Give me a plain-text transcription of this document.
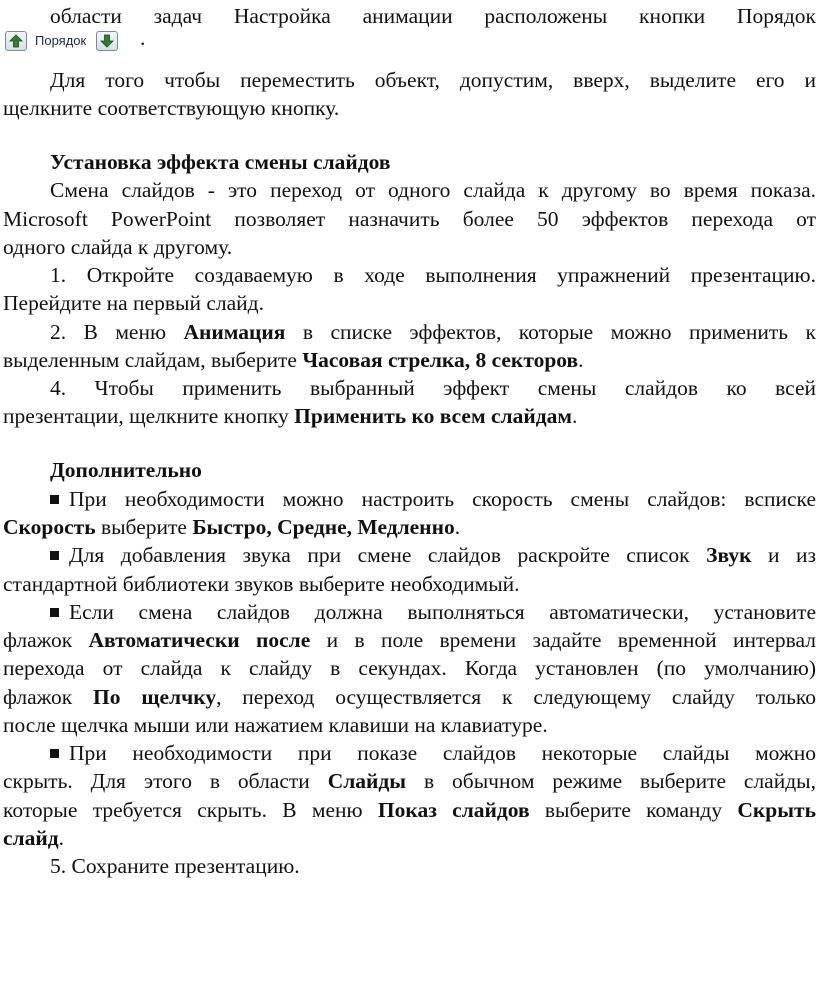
области задач Настройка анимации расположены кнопки Порядок
Порядок	.
Для того чтобы переместить объект, допустим, вверх, выделите его и
щелкните соответствующую кнопку.
Установка эффекта смены слайдов
Смена слайдов - это переход от одного слайда к другому во время показа.
Microsoft PowerPoint позволяет назначить более 50 эффектов перехода от
одного слайда к другому.
1. Откройте создаваемую в ходе выполнения упражнений презентацию.
Перейдите на первый слайд.
2. В меню Анимация в списке эффектов, которые можно применить к
выделенным слайдам, выберите Часовая стрелка, 8 секторов.
4. Чтобы применить выбранный эффект смены слайдов ко всей
презентации, щелкните кнопку Применить ко всем слайдам.
Дополнительно
При необходимости можно настроить скорость смены слайдов: всписке
Скорость выберите Быстро, Средне, Медленно.
Для добавления звука при смене слайдов раскройте список Звук и из
стандартной библиотеки звуков выберите необходимый.
Если смена слайдов должна выполняться автоматически, установите
флажок Автоматически после и в поле времени задайте временной интервал
перехода от слайда к слайду в секундах. Когда установлен (по умолчанию)
флажок По щелчку, переход осуществляется к следующему слайду только
после щелчка мыши или нажатием клавиши на клавиатуре.
При необходимости при показе слайдов некоторые слайды можно
скрыть. Для этого в области Слайды в обычном режиме выберите слайды,
которые требуется скрыть. В меню Показ слайдов выберите команду Скрыть
слайд.
5. Сохраните презентацию.
